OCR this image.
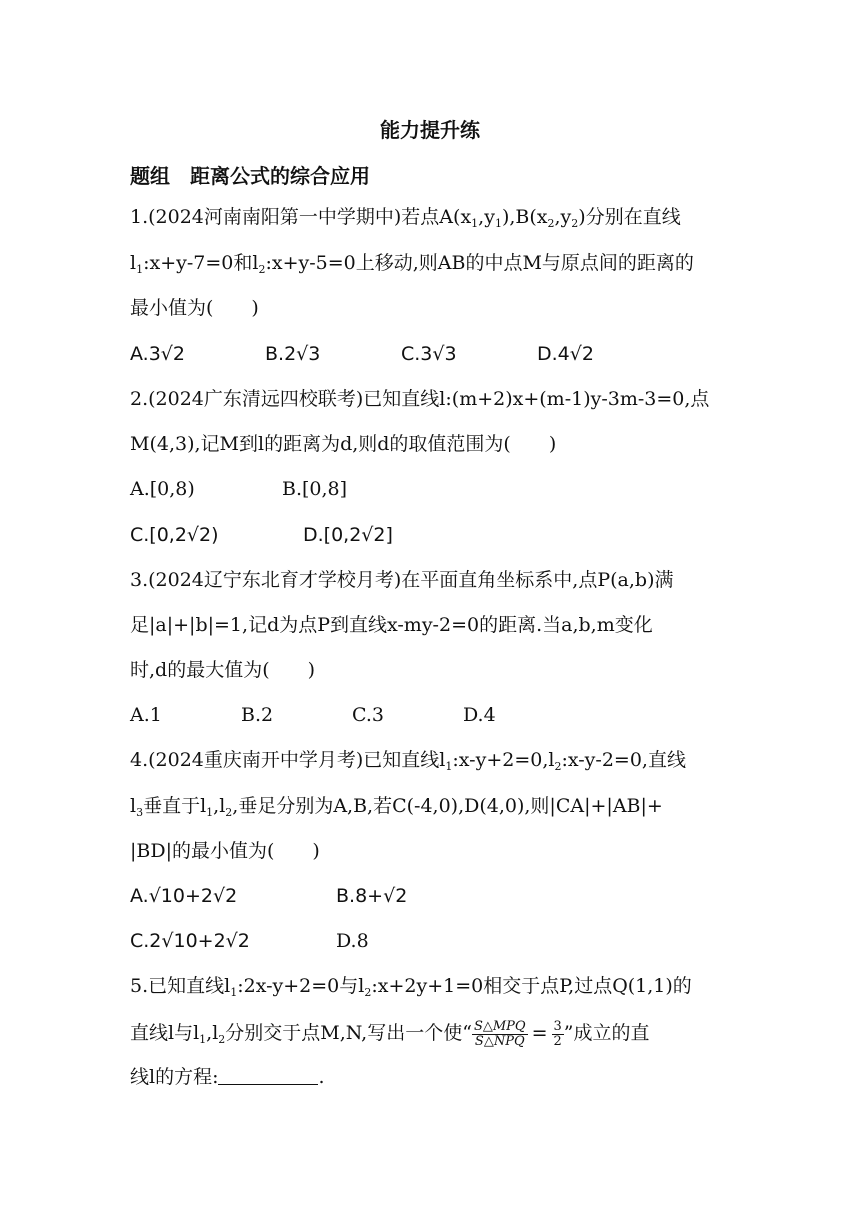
能力提升练
题组　距离公式的综合应用
1.(2024河南南阳第一中学期中)若点$A(x_1,y_1),B(x_2,y_2)$分别在直线
$l_1:x+y-7=0$和$l_2:x+y-5=0$上移动,则AB的中点M与原点间的距离的
最小值为(　　)
A.3√2	B.2√3	C.3√3	D.4√2
2.(2024广东清远四校联考)已知直线l:(m+2)x+(m-1)y-3m-3=0,点
M(4,3),记M到l的距离为d,则d的取值范围为(　　)
A.[0,8)	B.[0,8]
C.[0,2√2)	D.[0,2√2]
3.(2024辽宁东北育才学校月考)在平面直角坐标系中,点P(a,b)满
足|a|+|b|=1,记d为点P到直线x-my-2=0的距离.当a,b,m变化
时,d的最大值为(　　)
A.1	B.2	C.3	D.4
4.(2024重庆南开中学月考)已知直线$l_1:x-y+2=0,l_2:x-y-2=0$,直线
$l_3$垂直于$l_1,l_2$,垂足分别为A,B,若C(-4,0),D(4,0),则|CA|+|AB|+
|BD|的最小值为(　　)
A.√10+2√2	B.8+√2
C.2√10+2√2	D.8
5.已知直线$l_1:2x-y+2=0$与$l_2:x+2y+1=0$相交于点P,过点Q(1,1)的
直线l与$l_1,l_2$分别交于点M,N,写出一个使“ $\frac{\text{S△MPQ}}{\text{S△NPQ}} = \frac{3}{2}$ ”成立的直
线l的方程:	.
